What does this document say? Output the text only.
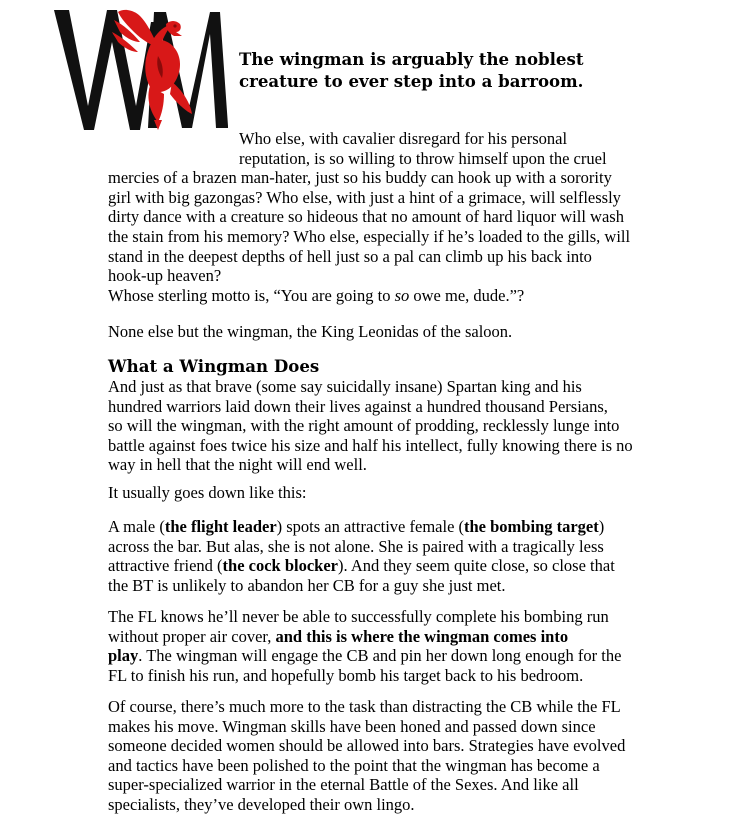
The wingman is arguably the noblest
creature to ever step into a barroom.
Who else, with cavalier disregard for his personal
reputation, is so willing to throw himself upon the cruel
mercies of a brazen man-hater, just so his buddy can hook up with a sorority
girl with big gazongas? Who else, with just a hint of a grimace, will selflessly
dirty dance with a creature so hideous that no amount of hard liquor will wash
the stain from his memory? Who else, especially if he’s loaded to the gills, will
stand in the deepest depths of hell just so a pal can climb up his back into
hook-up heaven?
Whose sterling motto is, “You are going to so owe me, dude.”?
None else but the wingman, the King Leonidas of the saloon.
What a Wingman Does
And just as that brave (some say suicidally insane) Spartan king and his
hundred warriors laid down their lives against a hundred thousand Persians,
so will the wingman, with the right amount of prodding, recklessly lunge into
battle against foes twice his size and half his intellect, fully knowing there is no
way in hell that the night will end well.
It usually goes down like this:
A male (the flight leader) spots an attractive female (the bombing target)
across the bar. But alas, she is not alone. She is paired with a tragically less
attractive friend (the cock blocker). And they seem quite close, so close that
the BT is unlikely to abandon her CB for a guy she just met.
The FL knows he’ll never be able to successfully complete his bombing run
without proper air cover, and this is where the wingman comes into
play. The wingman will engage the CB and pin her down long enough for the
FL to finish his run, and hopefully bomb his target back to his bedroom.
Of course, there’s much more to the task than distracting the CB while the FL
makes his move. Wingman skills have been honed and passed down since
someone decided women should be allowed into bars. Strategies have evolved
and tactics have been polished to the point that the wingman has become a
super-specialized warrior in the eternal Battle of the Sexes. And like all
specialists, they’ve developed their own lingo.
